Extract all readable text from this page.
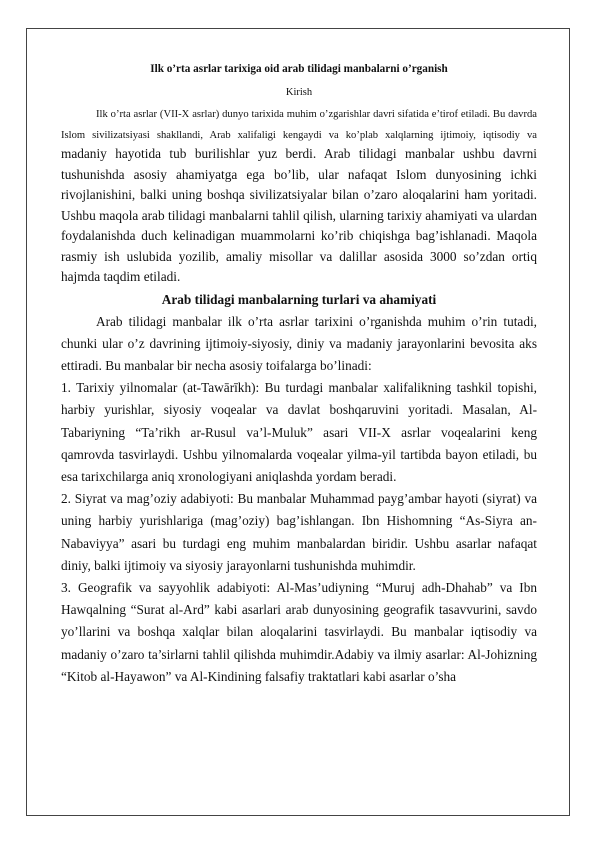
Ilk o’rta asrlar tarixiga oid arab tilidagi manbalarni o’rganish
Kirish

Ilk o’rta asrlar (VII-X asrlar) dunyo tarixida muhim o’zgarishlar davri sifatida e’tirof etiladi. Bu davrda Islom sivilizatsiyasi shakllandi, Arab xalifaligi kengaydi va ko’plab xalqlarning ijtimoiy, iqtisodiy va madaniy hayotida tub burilishlar yuz berdi. Arab tilidagi manbalar ushbu davrni tushunishda asosiy ahamiyatga ega bo’lib, ular nafaqat Islom dunyosining ichki rivojlanishini, balki uning boshqa sivilizatsiyalar bilan o’zaro aloqalarini ham yoritadi. Ushbu maqola arab tilidagi manbalarni tahlil qilish, ularning tarixiy ahamiyati va ulardan foydalanishda duch kelinadigan muammolarni ko’rib chiqishga bag’ishlanadi. Maqola rasmiy ish uslubida yozilib, amaliy misollar va dalillar asosida 3000 so’zdan ortiq hajmda taqdim etiladi.

Arab tilidagi manbalarning turlari va ahamiyati

Arab tilidagi manbalar ilk o’rta asrlar tarixini o’rganishda muhim o’rin tutadi, chunki ular o’z davrining ijtimoiy-siyosiy, diniy va madaniy jarayonlarini bevosita aks ettiradi. Bu manbalar bir necha asosiy toifalarga bo’linadi:

1. Tarixiy yilnomalar (at-Tawārīkh): Bu turdagi manbalar xalifalikning tashkil topishi, harbiy yurishlar, siyosiy voqealar va davlat boshqaruvini yoritadi. Masalan, Al-Tabariyning “Ta’rikh ar-Rusul va’l-Muluk” asari VII-X asrlar voqealarini keng qamrovda tasvirlaydi. Ushbu yilnomalarda voqealar yilma-yil tartibda bayon etiladi, bu esa tarixchilarga aniq xronologiyani aniqlashda yordam beradi.

2. Siyrat va mag’oziy adabiyoti: Bu manbalar Muhammad payg’ambar hayoti (siyrat) va uning harbiy yurishlariga (mag’oziy) bag’ishlangan. Ibn Hishomning “As-Siyra an-Nabaviyya” asari bu turdagi eng muhim manbalardan biridir. Ushbu asarlar nafaqat diniy, balki ijtimoiy va siyosiy jarayonlarni tushunishda muhimdir.

3. Geografik va sayyohlik adabiyoti: Al-Mas’udiyning “Muruj adh-Dhahab” va Ibn Hawqalning “Surat al-Ard” kabi asarlari arab dunyosining geografik tasavvurini, savdo yo’llarini va boshqa xalqlar bilan aloqalarini tasvirlaydi. Bu manbalar iqtisodiy va madaniy o’zaro ta’sirlarni tahlil qilishda muhimdir.Adabiy va ilmiy asarlar: Al-Johizning “Kitob al-Hayawon” va Al-Kindining falsafiy traktatlari kabi asarlar o’sha
